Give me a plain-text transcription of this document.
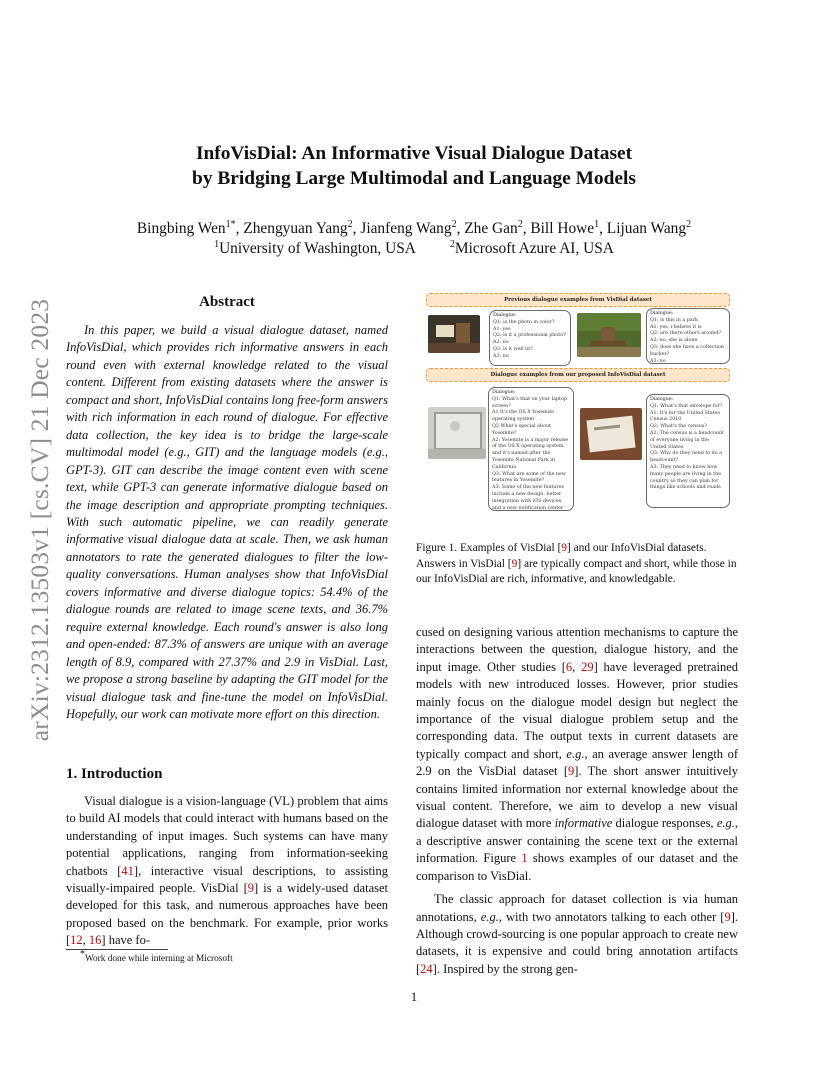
arXiv:2312.13503v1 [cs.CV] 21 Dec 2023
InfoVisDial: An Informative Visual Dialogue Dataset
by Bridging Large Multimodal and Language Models
Bingbing Wen$^{1*}$, Zhengyuan Yang$^2$, Jianfeng Wang$^2$, Zhe Gan$^2$, Bill Howe$^1$, Lijuan Wang$^2$
$^1$University of Washington, USA	$^2$Microsoft Azure AI, USA
Abstract

In this paper, we build a visual dialogue dataset, named InfoVisDial, which provides rich informative answers in each round even with external knowledge related to the visual content. Different from existing datasets where the answer is compact and short, InfoVisDial contains long free-form answers with rich information in each round of dialogue. For effective data collection, the key idea is to bridge the large-scale multimodal model (e.g., GIT) and the language models (e.g., GPT-3). GIT can describe the image content even with scene text, while GPT-3 can generate informative dialogue based on the image description and appropriate prompting techniques. With such automatic pipeline, we can readily generate informative visual dialogue data at scale. Then, we ask human annotators to rate the generated dialogues to filter the low-quality conversations. Human analyses show that InfoVisDial covers informative and diverse dialogue topics: 54.4% of the dialogue rounds are related to image scene texts, and 36.7% require external knowledge. Each round's answer is also long and open-ended: 87.3% of answers are unique with an average length of 8.9, compared with 27.37% and 2.9 in VisDial. Last, we propose a strong baseline by adapting the GIT model for the visual dialogue task and fine-tune the model on InfoVisDial. Hopefully, our work can motivate more effort on this direction.

1. Introduction

Visual dialogue is a vision-language (VL) problem that aims to build AI models that could interact with humans based on the understanding of input images. Such systems can have many potential applications, ranging from information-seeking chatbots [41], interactive visual descriptions, to assisting visually-impaired people. VisDial [9] is a widely-used dataset developed for this task, and numerous approaches have been proposed based on the benchmark. For example, prior works [12, 16] have fo-

*Work done while interning at Microsoft
Previous dialogue examples from VisDial dataset
Dialogue:
Q1: is the photo in color?
A1: yes
Q2: is it a professional photo?
A2: no
Q3: is it well lit?
A3: no
Dialogue:
Q1: is this in a park
A1: yes, i believe it is
Q2: are there others around?
A2: no, she is alone
Q3: does she have a collection bucket?
A3: no
Dialogue examples from our proposed InfoVisDial dataset
Dialogue:
Q1: What's that on your laptop screen?
A1 It's the OS X Yosemite operating system
Q2 What's special about Yosemite?
A2: Yosemite is a major release of the OS X operating system, and it's named after the Yosemite National Park in California
Q3: What are some of the new features in Yosemite?
A3: Some of the new features include a new design, better integration with iOS devices, and a new notification center
Dialogue:
Q1: What's that envelope for?
A1: It's for the United States Census 2010
Q2: What's the census?
A2: The census is a headcount of everyone living in the United States
Q3: Why do they need to do a headcount?
A3: They need to know how many people are living in the country so they can plan for things like schools and roads
Figure 1. Examples of VisDial [9] and our InfoVisDial datasets. Answers in VisDial [9] are typically compact and short, while those in our InfoVisDial are rich, informative, and knowledgable.

cused on designing various attention mechanisms to capture the interactions between the question, dialogue history, and the input image. Other studies [6, 29] have leveraged pretrained models with new introduced losses. However, prior studies mainly focus on the dialogue model design but neglect the importance of the visual dialogue problem setup and the corresponding data. The output texts in current datasets are typically compact and short, e.g., an average answer length of 2.9 on the VisDial dataset [9]. The short answer intuitively contains limited information nor external knowledge about the visual content. Therefore, we aim to develop a new visual dialogue dataset with more informative dialogue responses, e.g., a descriptive answer containing the scene text or the external information. Figure 1 shows examples of our dataset and the comparison to VisDial.

The classic approach for dataset collection is via human annotations, e.g., with two annotators talking to each other [9]. Although crowd-sourcing is one popular approach to create new datasets, it is expensive and could bring annotation artifacts [24]. Inspired by the strong gen-

1
